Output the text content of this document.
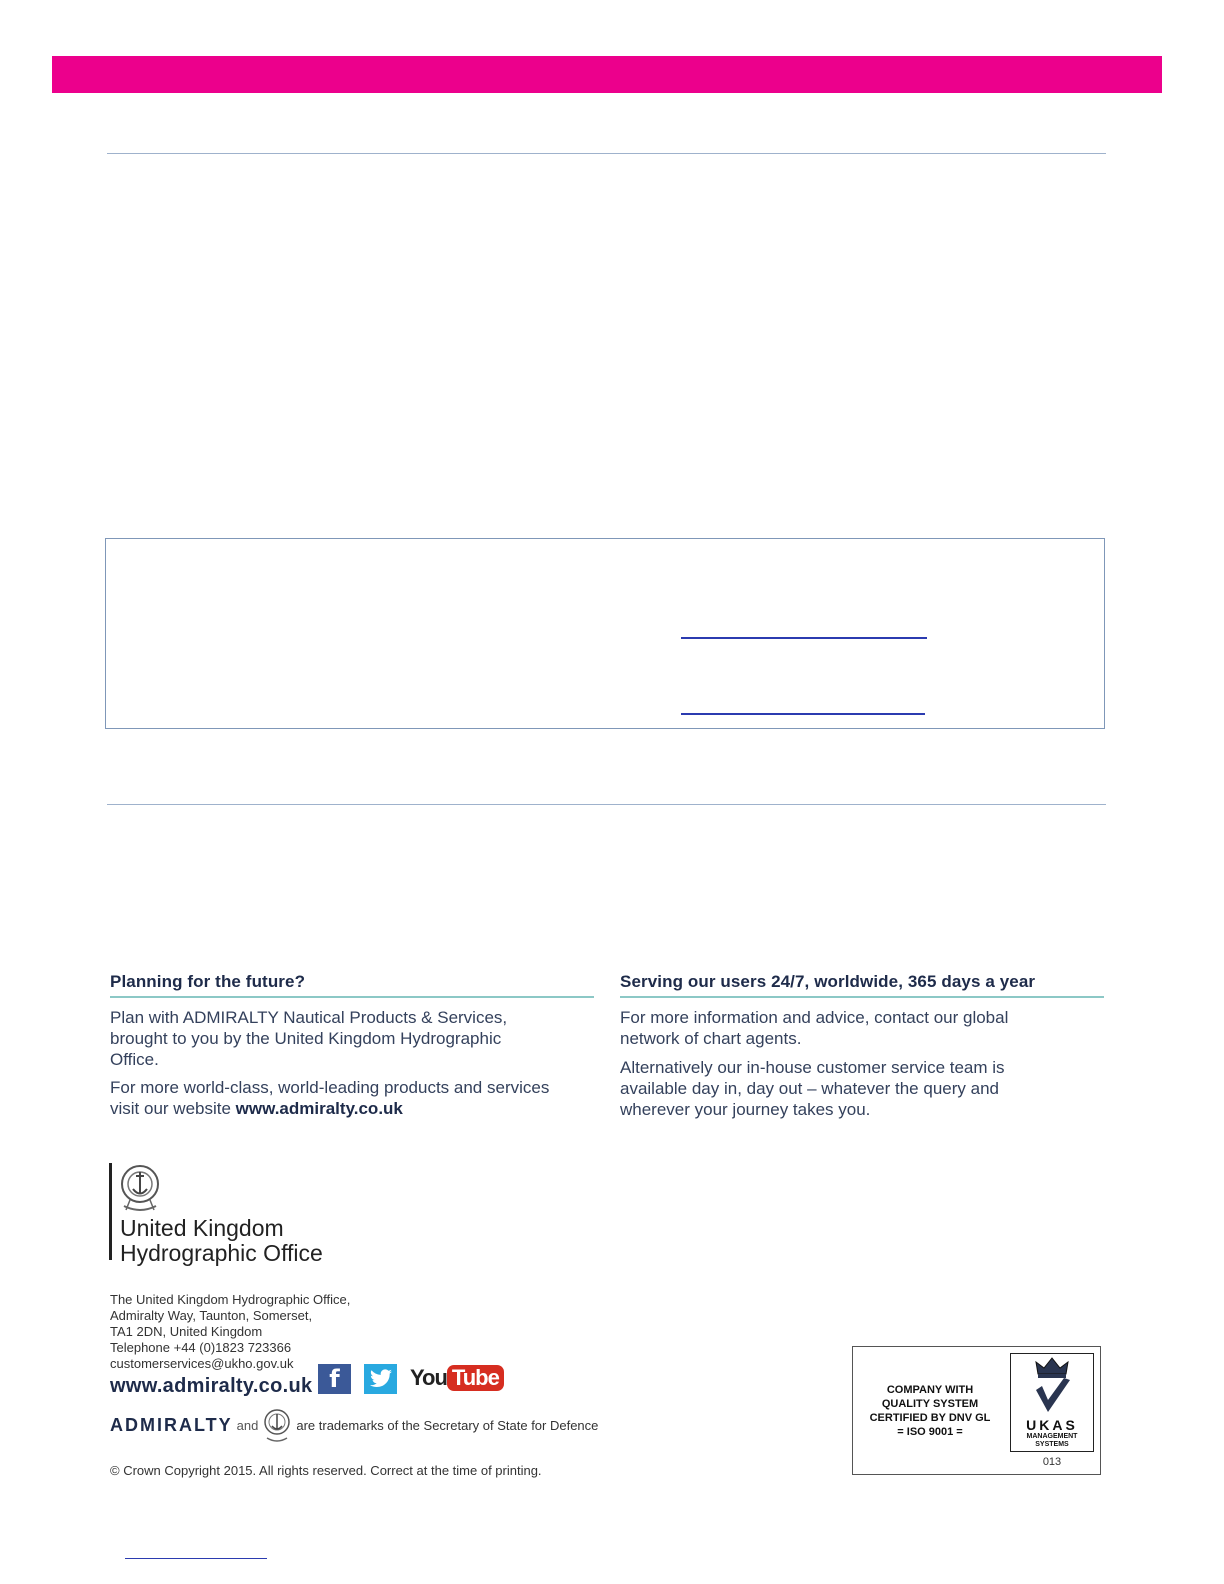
Planning for the future?
Plan with ADMIRALTY Nautical Products & Services, brought to you by the United Kingdom Hydrographic Office.
For more world-class, world-leading products and services visit our website www.admiralty.co.uk
Serving our users 24/7, worldwide, 365 days a year
For more information and advice, contact our global network of chart agents.
Alternatively our in-house customer service team is available day in, day out – whatever the query and wherever your journey takes you.
United Kingdom
Hydrographic Office
The United Kingdom Hydrographic Office,
Admiralty Way, Taunton, Somerset,
TA1 2DN, United Kingdom
Telephone +44 (0)1823 723366
customerservices@ukho.gov.uk
www.admiralty.co.uk f	You Tube
ADMIRALTY and	are trademarks of the Secretary of State for Defence
© Crown Copyright 2015. All rights reserved. Correct at the time of printing.
COMPANY WITH
QUALITY SYSTEM
CERTIFIED BY DNV GL
= ISO 9001 =	UKAS
MANAGEMENT
SYSTEMS
013
